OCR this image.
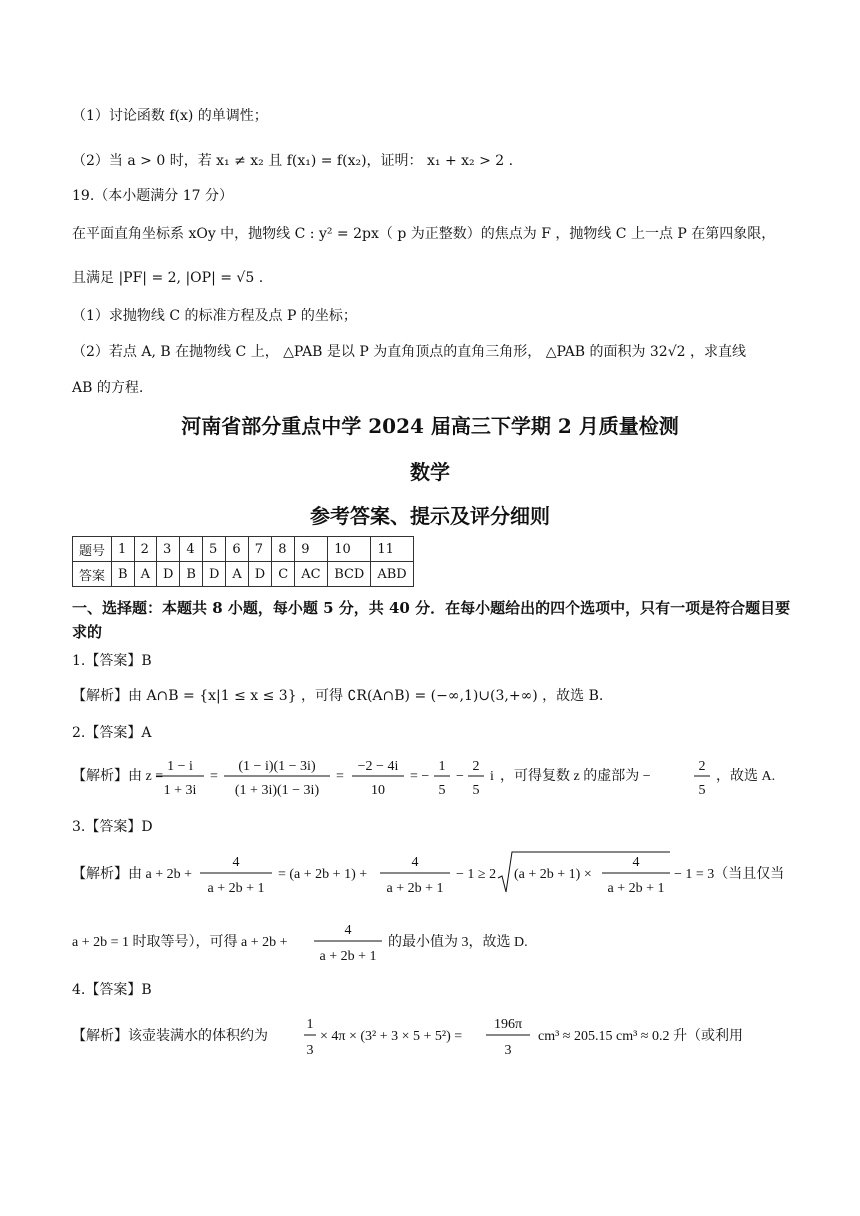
（1）讨论函数 f(x) 的单调性；
（2）当 a > 0 时，若 x₁ ≠ x₂ 且 f(x₁) = f(x₂)，证明： x₁ + x₂ > 2 .
19.（本小题满分 17 分）
在平面直角坐标系 xOy 中，抛物线 C : y² = 2px（ p 为正整数）的焦点为 F ，抛物线 C 上一点 P 在第四象限，
且满足 |PF| = 2, |OP| = √5 .
（1）求抛物线 C 的标准方程及点 P 的坐标；
（2）若点 A, B 在抛物线 C 上， △PAB 是以 P 为直角顶点的直角三角形， △PAB 的面积为 32√2 ，求直线
AB 的方程.
河南省部分重点中学 2024 届高三下学期 2 月质量检测
数学
参考答案、提示及评分细则
题号	1	2	3	4	5	6	7	8	9	10	11
答案	B	A	D	B	D	A	D	C	AC	BCD	ABD
一、选择题：本题共 8 小题，每小题 5 分，共 40 分．在每小题给出的四个选项中，只有一项是符合题目要求的
1.【答案】B
【解析】由 A∩B = {x|1 ≤ x ≤ 3} ，可得 ∁R(A∩B) = (−∞,1)∪(3,+∞) ，故选 B.
2.【答案】A
【解析】由 z =
1 − i
1 + 3i
=
(1 − i)(1 − 3i)
(1 + 3i)(1 − 3i)
=
−2 − 4i
10
= −
1
5
−
2
5
i ，可得复数 z 的虚部为 −
2
5
，故选 A.
3.【答案】D
【解析】由 a + 2b +
4
a + 2b + 1
= (a + 2b + 1) +
4
a + 2b + 1
− 1 ≥ 2 (a + 2b + 1) ×
4
a + 2b + 1
− 1 = 3（当且仅当
a + 2b = 1 时取等号），可得 a + 2b +
4
a + 2b + 1
的最小值为 3，故选 D.
4.【答案】B
【解析】该壶装满水的体积约为
1
3
× 4π × (3² + 3 × 5 + 5²) =
196π
3
cm³ ≈ 205.15 cm³ ≈ 0.2 升（或利用
